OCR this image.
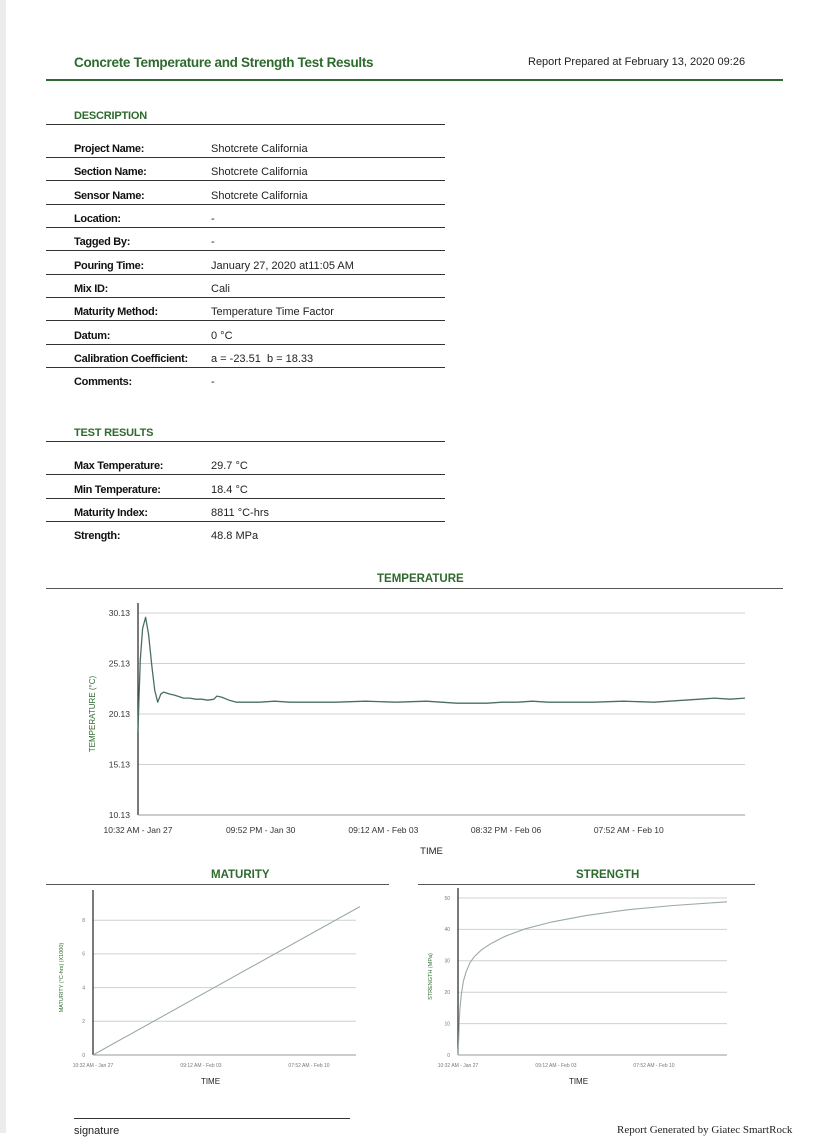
Concrete Temperature and Strength Test Results	Report Prepared at February 13, 2020 09:26
DESCRIPTION
Project Name:	Shotcrete California
Section Name:	Shotcrete California
Sensor Name:	Shotcrete California
Location:	-
Tagged By:	-
Pouring Time:	January 27, 2020 at11:05 AM
Mix ID:	Cali
Maturity Method:	Temperature Time Factor
Datum:	0 °C
Calibration Coefficient: a = -23.51  b = 18.33
Comments:	-
TEST RESULTS
Max Temperature:	29.7 °C
Min Temperature:	18.4 °C
Maturity Index:	8811 °C-hrs
Strength:	48.8 MPa
TEMPERATURE
MATURITY	STRENGTH
30.13
25.13
20.13
15.13
10.13
10:32 AM - Jan 27	09:52 PM - Jan 30	09:12 AM - Feb 03	08:32 PM - Feb 06	07:52 AM - Feb 10
TIME
TEMPERATURE (°C)
8
6
4
2
0
10:32 AM - Jan 27	09:12 AM - Feb 03	07:52 AM - Feb 10
TIME
MATURITY (°C-hrs) (X1000)
50
40
30
20
10
0
10:32 AM - Jan 27	09:12 AM - Feb 03	07:52 AM - Feb 10
TIME
STRENGTH (MPa)
signature	Report Generated by Giatec SmartRock
